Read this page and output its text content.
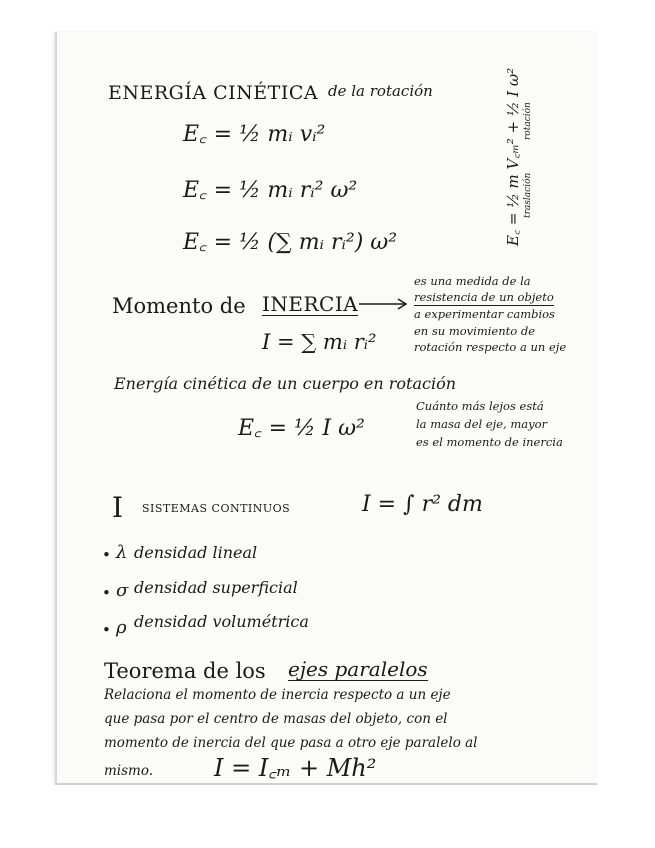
ENERGÍA CINÉTICA de la rotación
E꜀ = ½ mᵢ vᵢ²
E꜀ = ½ mᵢ rᵢ² ω²
E꜀ = ½ (∑ mᵢ rᵢ²) ω²	E꜀ = ½ m V꜀ₘ² + ½ I ω² traslación
rotación
Momento de INERCIA
I = ∑ mᵢ rᵢ²
es una medida de la
resistencia de un objeto
a experimentar cambios
en su movimiento de
rotación respecto a un eje
Energía cinética de un cuerpo en rotación
E꜀ = ½ I ω²
Cuánto más lejos está
la masa del eje, mayor
es el momento de inercia
I SISTEMAS CONTINUOS	I = ∫ r² dm
• λ densidad lineal
• σ densidad superficial
• ρ densidad volumétrica
Teorema de los ejes paralelos
Relaciona el momento de inercia respecto a un eje
que pasa por el centro de masas del objeto, con el
momento de inercia del que pasa a otro eje paralelo al
mismo.	I = I꜀ₘ + Mh²
